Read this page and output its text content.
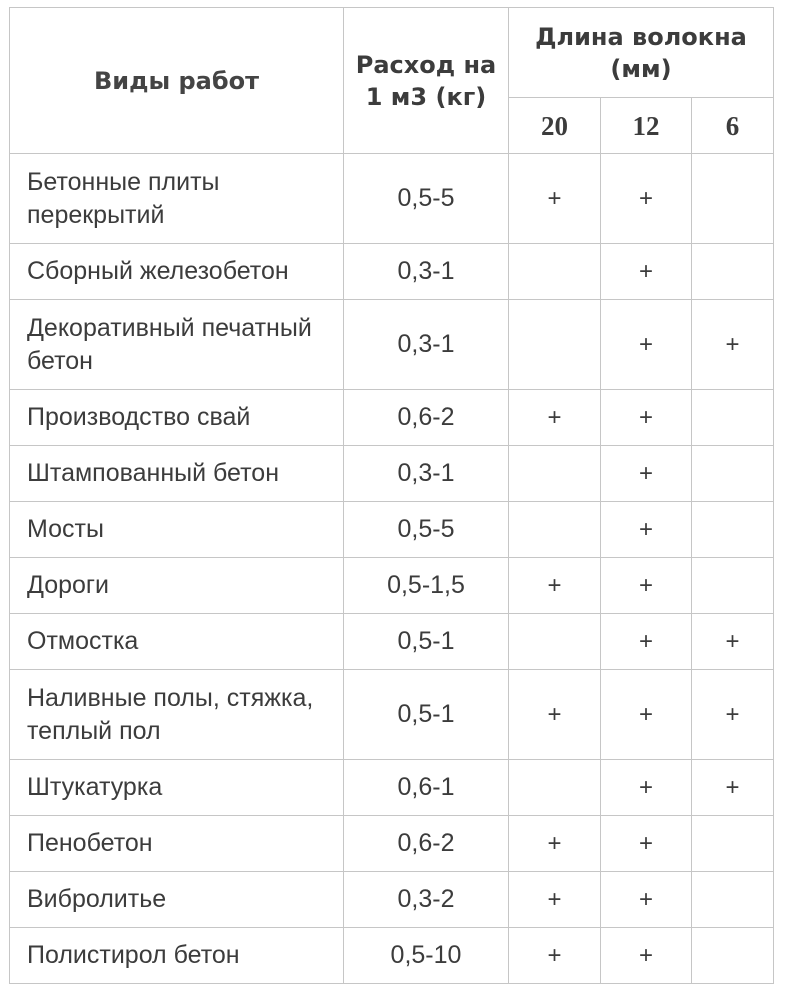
Виды работ	Расход на 1 м3 (кг)	Длина волокна (мм)		
		20	12	6
Бетонные плиты перекрытий	0,5-5	+	+	
Сборный железобетон	0,3-1		+	
Декоративный печатный бетон	0,3-1		+	+
Производство свай	0,6-2	+	+	
Штампованный бетон	0,3-1		+	
Мосты	0,5-5		+	
Дороги	0,5-1,5	+	+	
Отмостка	0,5-1		+	+
Наливные полы, стяжка, теплый пол	0,5-1	+	+	+
Штукатурка	0,6-1		+	+
Пенобетон	0,6-2	+	+	
Вибролитье	0,3-2	+	+	
Полистирол бетон	0,5-10	+	+	
